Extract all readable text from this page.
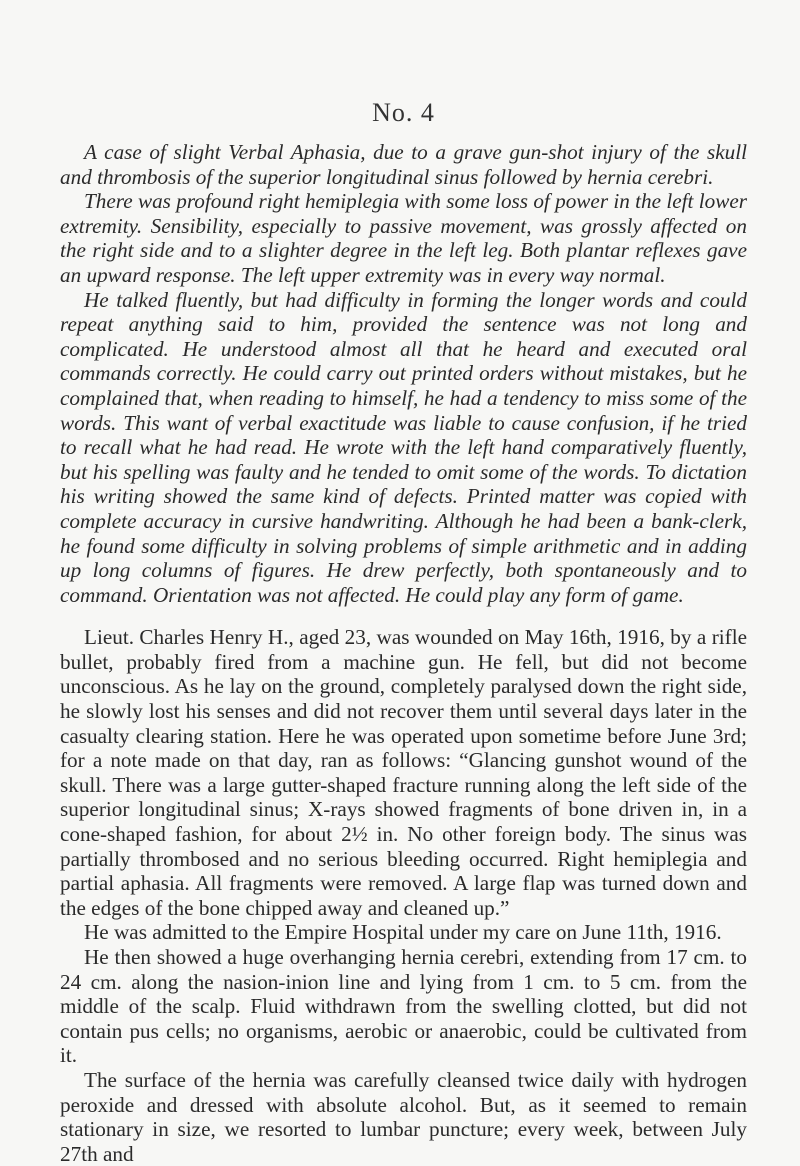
No. 4

A case of slight Verbal Aphasia, due to a grave gun-shot injury of the skull and thrombosis of the superior longitudinal sinus followed by hernia cerebri.

There was profound right hemiplegia with some loss of power in the left lower extremity. Sensibility, especially to passive movement, was grossly affected on the right side and to a slighter degree in the left leg. Both plantar reflexes gave an upward response. The left upper extremity was in every way normal.

He talked fluently, but had difficulty in forming the longer words and could repeat anything said to him, provided the sentence was not long and complicated. He understood almost all that he heard and executed oral commands correctly. He could carry out printed orders without mistakes, but he complained that, when reading to himself, he had a tendency to miss some of the words. This want of verbal exactitude was liable to cause confusion, if he tried to recall what he had read. He wrote with the left hand comparatively fluently, but his spelling was faulty and he tended to omit some of the words. To dictation his writing showed the same kind of defects. Printed matter was copied with complete accuracy in cursive handwriting. Although he had been a bank-clerk, he found some difficulty in solving problems of simple arithmetic and in adding up long columns of figures. He drew perfectly, both spontaneously and to command. Orientation was not affected. He could play any form of game.

Lieut. Charles Henry H., aged 23, was wounded on May 16th, 1916, by a rifle bullet, probably fired from a machine gun. He fell, but did not become unconscious. As he lay on the ground, completely paralysed down the right side, he slowly lost his senses and did not recover them until several days later in the casualty clearing station. Here he was operated upon sometime before June 3rd; for a note made on that day, ran as follows: “Glancing gunshot wound of the skull. There was a large gutter-shaped fracture running along the left side of the superior longitudinal sinus; X-rays showed fragments of bone driven in, in a cone-shaped fashion, for about 2½ in. No other foreign body. The sinus was partially thrombosed and no serious bleeding occurred. Right hemiplegia and partial aphasia. All fragments were removed. A large flap was turned down and the edges of the bone chipped away and cleaned up.”

He was admitted to the Empire Hospital under my care on June 11th, 1916.

He then showed a huge overhanging hernia cerebri, extending from 17 cm. to 24 cm. along the nasion-inion line and lying from 1 cm. to 5 cm. from the middle of the scalp. Fluid withdrawn from the swelling clotted, but did not contain pus cells; no organisms, aerobic or anaerobic, could be cultivated from it.

The surface of the hernia was carefully cleansed twice daily with hydrogen peroxide and dressed with absolute alcohol. But, as it seemed to remain stationary in size, we resorted to lumbar puncture; every week, between July 27th and
